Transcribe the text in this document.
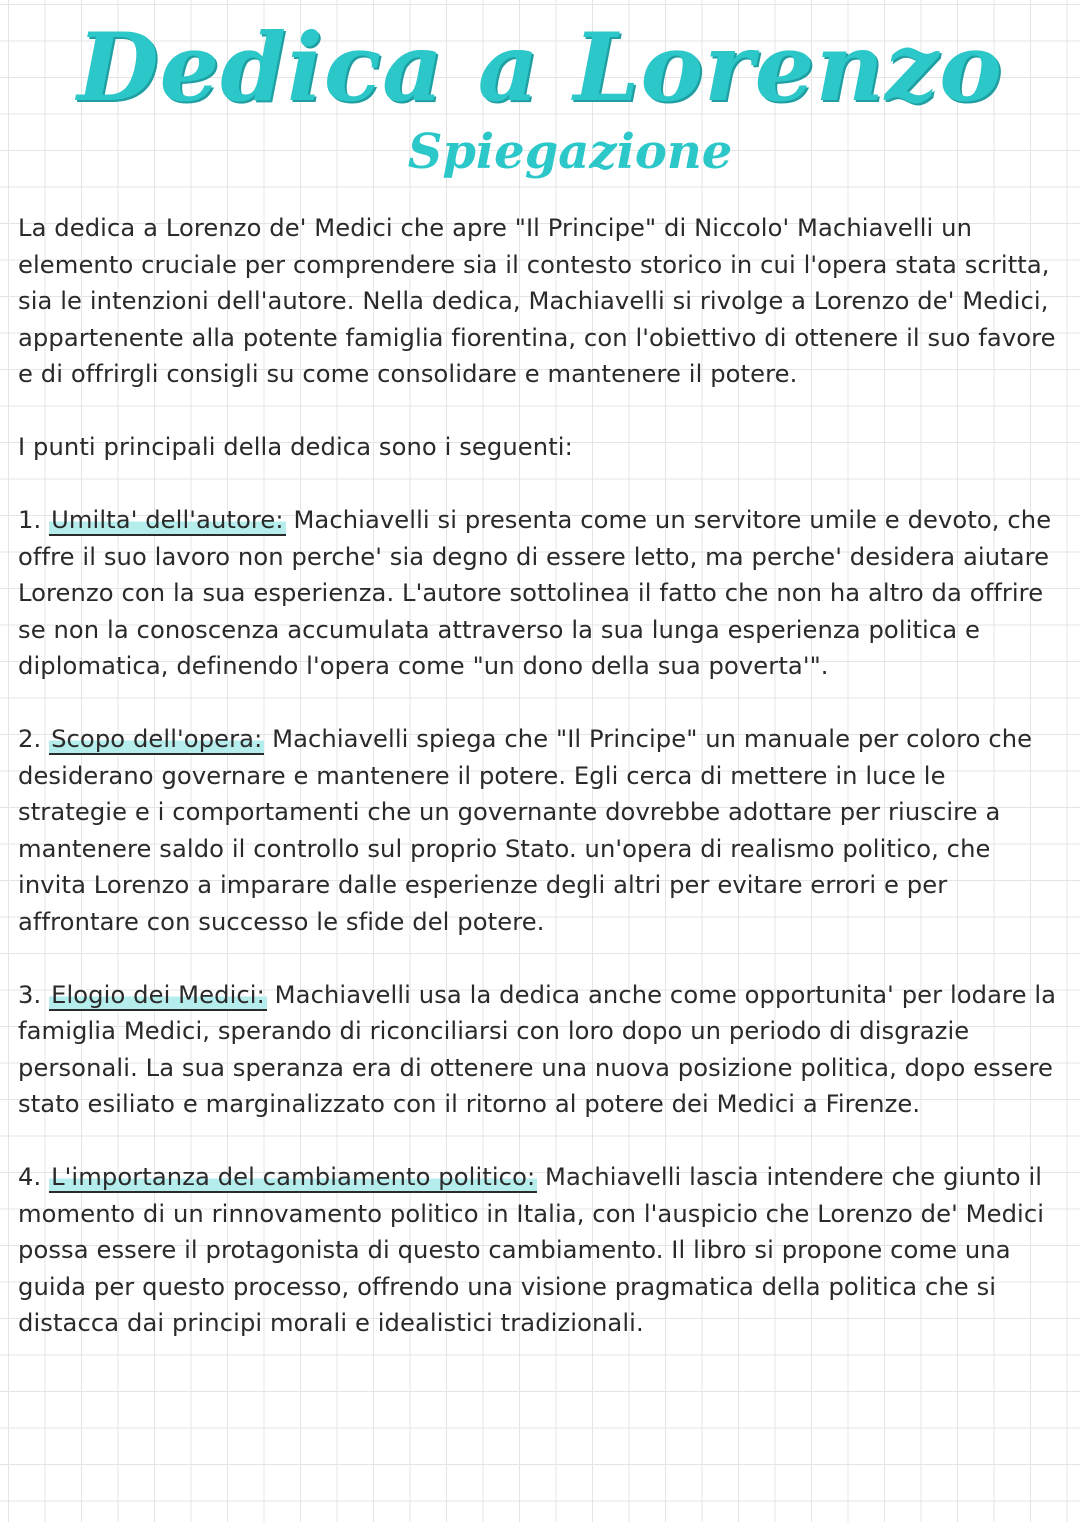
Dedica a Lorenzo
Spiegazione

La dedica a Lorenzo de' Medici che apre "Il Principe" di Niccolo' Machiavelli un elemento cruciale per comprendere sia il contesto storico in cui l'opera stata scritta, sia le intenzioni dell'autore. Nella dedica, Machiavelli si rivolge a Lorenzo de' Medici, appartenente alla potente famiglia fiorentina, con l'obiettivo di ottenere il suo favore e di offrirgli consigli su come consolidare e mantenere il potere.

I punti principali della dedica sono i seguenti:

1. Umilta' dell'autore: Machiavelli si presenta come un servitore umile e devoto, che offre il suo lavoro non perche' sia degno di essere letto, ma perche' desidera aiutare Lorenzo con la sua esperienza. L'autore sottolinea il fatto che non ha altro da offrire se non la conoscenza accumulata attraverso la sua lunga esperienza politica e diplomatica, definendo l'opera come "un dono della sua poverta'".

2. Scopo dell'opera: Machiavelli spiega che "Il Principe" un manuale per coloro che desiderano governare e mantenere il potere. Egli cerca di mettere in luce le strategie e i comportamenti che un governante dovrebbe adottare per riuscire a mantenere saldo il controllo sul proprio Stato. un'opera di realismo politico, che invita Lorenzo a imparare dalle esperienze degli altri per evitare errori e per affrontare con successo le sfide del potere.

3. Elogio dei Medici: Machiavelli usa la dedica anche come opportunita' per lodare la famiglia Medici, sperando di riconciliarsi con loro dopo un periodo di disgrazie personali. La sua speranza era di ottenere una nuova posizione politica, dopo essere stato esiliato e marginalizzato con il ritorno al potere dei Medici a Firenze.

4. L'importanza del cambiamento politico: Machiavelli lascia intendere che giunto il momento di un rinnovamento politico in Italia, con l'auspicio che Lorenzo de' Medici possa essere il protagonista di questo cambiamento. Il libro si propone come una guida per questo processo, offrendo una visione pragmatica della politica che si distacca dai principi morali e idealistici tradizionali.
